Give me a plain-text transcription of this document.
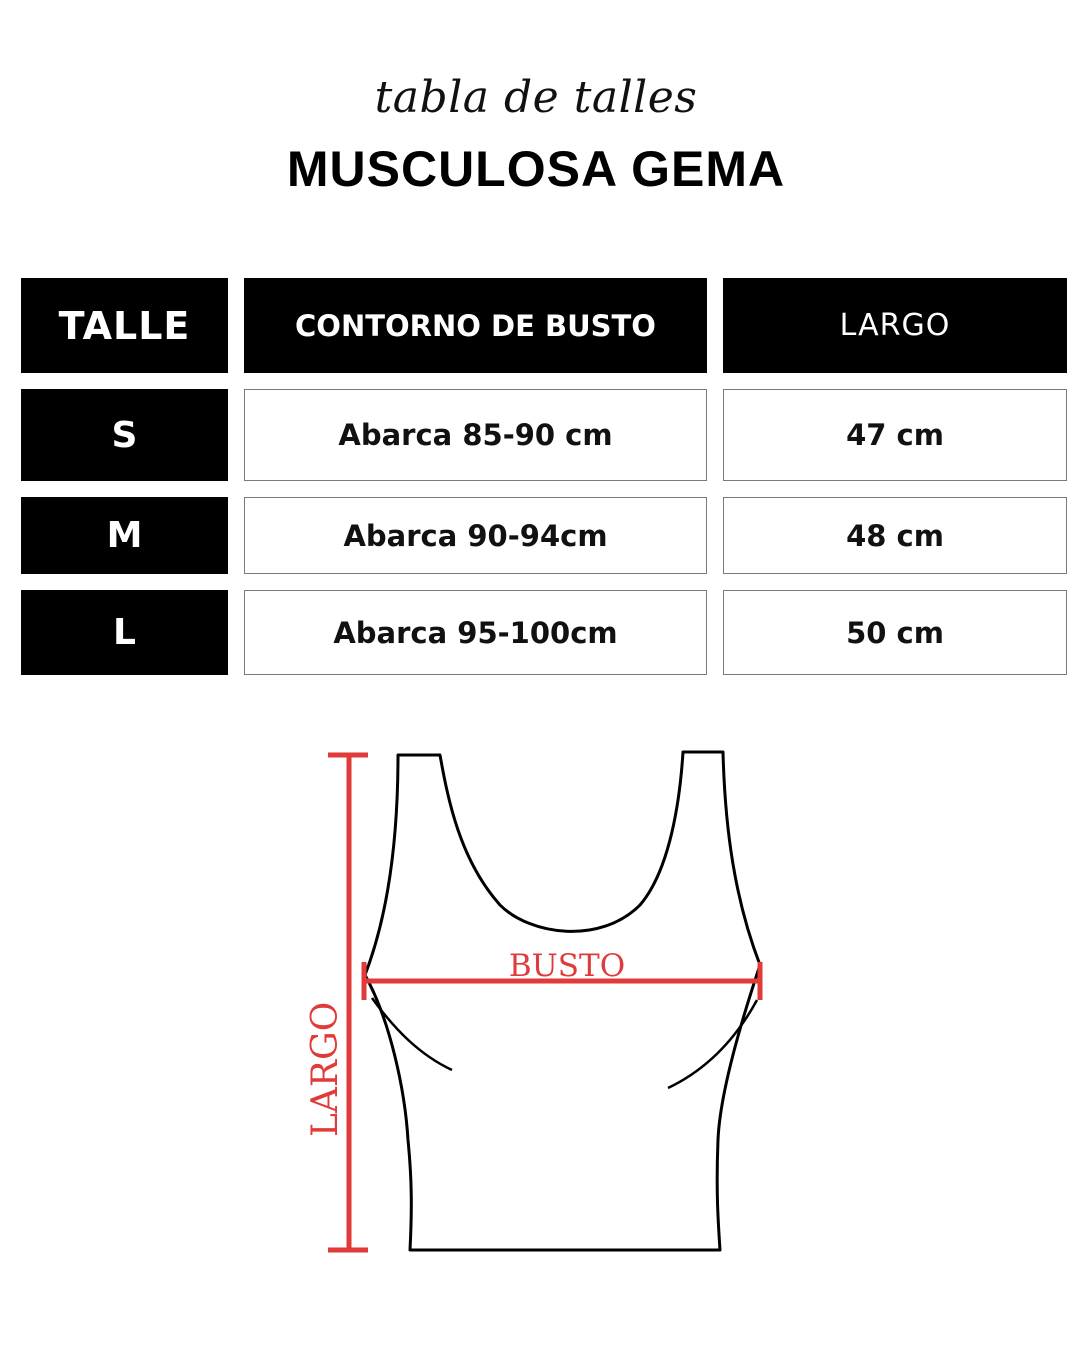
tabla de talles
MUSCULOSA GEMA
TALLE	CONTORNO DE BUSTO	LARGO
S	Abarca 85-90 cm	47 cm
M	Abarca 90-94cm	48 cm
L	Abarca 95-100cm	50 cm
LARGO
BUSTO
